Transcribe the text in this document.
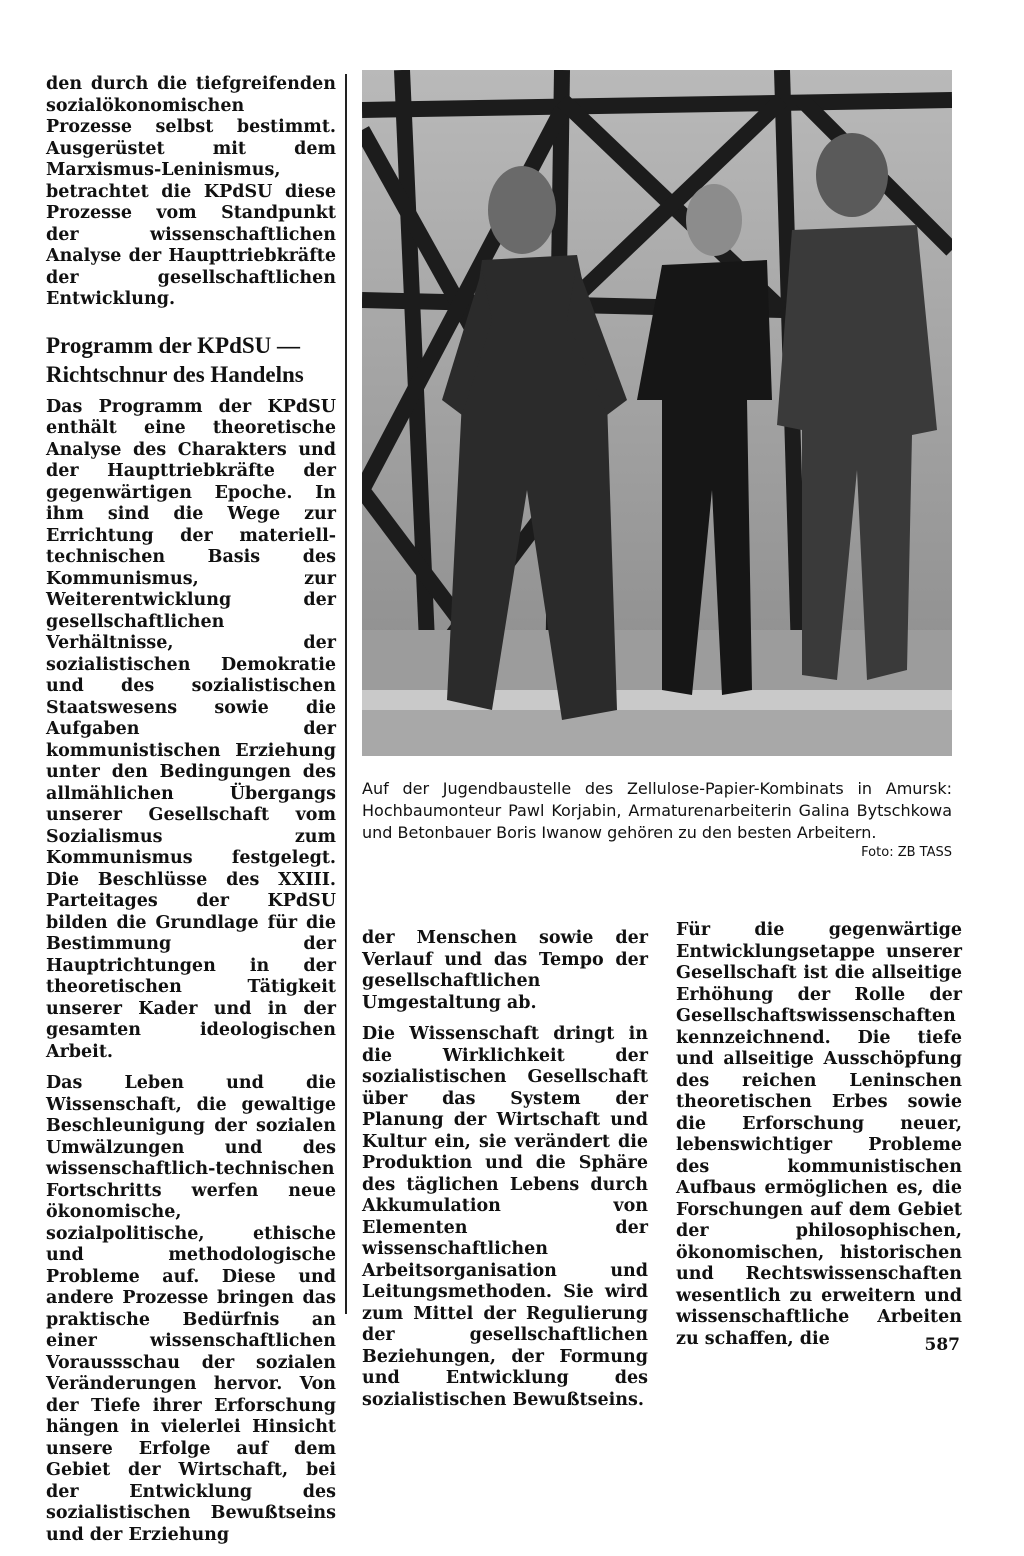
den durch die tiefgreifenden sozialökonomischen Prozesse selbst bestimmt. Ausgerüstet mit dem Marxismus-Leninismus, betrachtet die KPdSU diese Prozesse vom Standpunkt der wissenschaftlichen Analyse der Haupttriebkräfte der gesellschaftlichen Entwicklung.

Programm der KPdSU — Richtschnur des Handelns

Das Programm der KPdSU enthält eine theoretische Analyse des Charakters und der Haupttriebkräfte der gegenwärtigen Epoche. In ihm sind die Wege zur Errichtung der materiell-technischen Basis des Kommunismus, zur Weiterentwicklung der gesellschaftlichen Verhältnisse, der sozialistischen Demokratie und des sozialistischen Staatswesens sowie die Aufgaben der kommunistischen Erziehung unter den Bedingungen des allmählichen Übergangs unserer Gesellschaft vom Sozialismus zum Kommunismus festgelegt. Die Beschlüsse des XXIII. Parteitages der KPdSU bilden die Grundlage für die Bestimmung der Hauptrichtungen in der theoretischen Tätigkeit unserer Kader und in der gesamten ideologischen Arbeit.

Das Leben und die Wissenschaft, die gewaltige Beschleunigung der sozialen Umwälzungen und des wissenschaftlich-technischen Fortschritts werfen neue ökonomische, sozialpolitische, ethische und methodologische Probleme auf. Diese und andere Prozesse bringen das praktische Bedürfnis an einer wissenschaftlichen Voraussschau der sozialen Veränderungen hervor. Von der Tiefe ihrer Erforschung hängen in vielerlei Hinsicht unsere Erfolge auf dem Gebiet der Wirtschaft, bei der Entwicklung des sozialistischen Bewußtseins und der Erziehung

Auf der Jugendbaustelle des Zellulose-Papier-Kombinats in Amursk: Hochbaumonteur Pawl Korjabin, Armaturenarbeiterin Galina Bytschkowa und Betonbauer Boris Iwanow gehören zu den besten Arbeitern.
Foto: ZB TASS

der Menschen sowie der Verlauf und das Tempo der gesellschaftlichen Umgestaltung ab.

Die Wissenschaft dringt in die Wirklichkeit der sozialistischen Gesellschaft über das System der Planung der Wirtschaft und Kultur ein, sie verändert die Produktion und die Sphäre des täglichen Lebens durch Akkumulation von Elementen der wissenschaftlichen Arbeitsorganisation und Leitungsmethoden. Sie wird zum Mittel der Regulierung der gesellschaftlichen Beziehungen, der Formung und Entwicklung des sozialistischen Bewußtseins.

Für die gegenwärtige Entwicklungsetappe unserer Gesellschaft ist die allseitige Erhöhung der Rolle der Gesellschaftswissenschaften kennzeichnend. Die tiefe und allseitige Ausschöpfung des reichen Leninschen theoretischen Erbes sowie die Erforschung neuer, lebenswichtiger Probleme des kommunistischen Aufbaus ermöglichen es, die Forschungen auf dem Gebiet der philosophischen, ökonomischen, historischen und Rechtswissenschaften wesentlich zu erweitern und wissenschaftliche Arbeiten zu schaffen, die	587
